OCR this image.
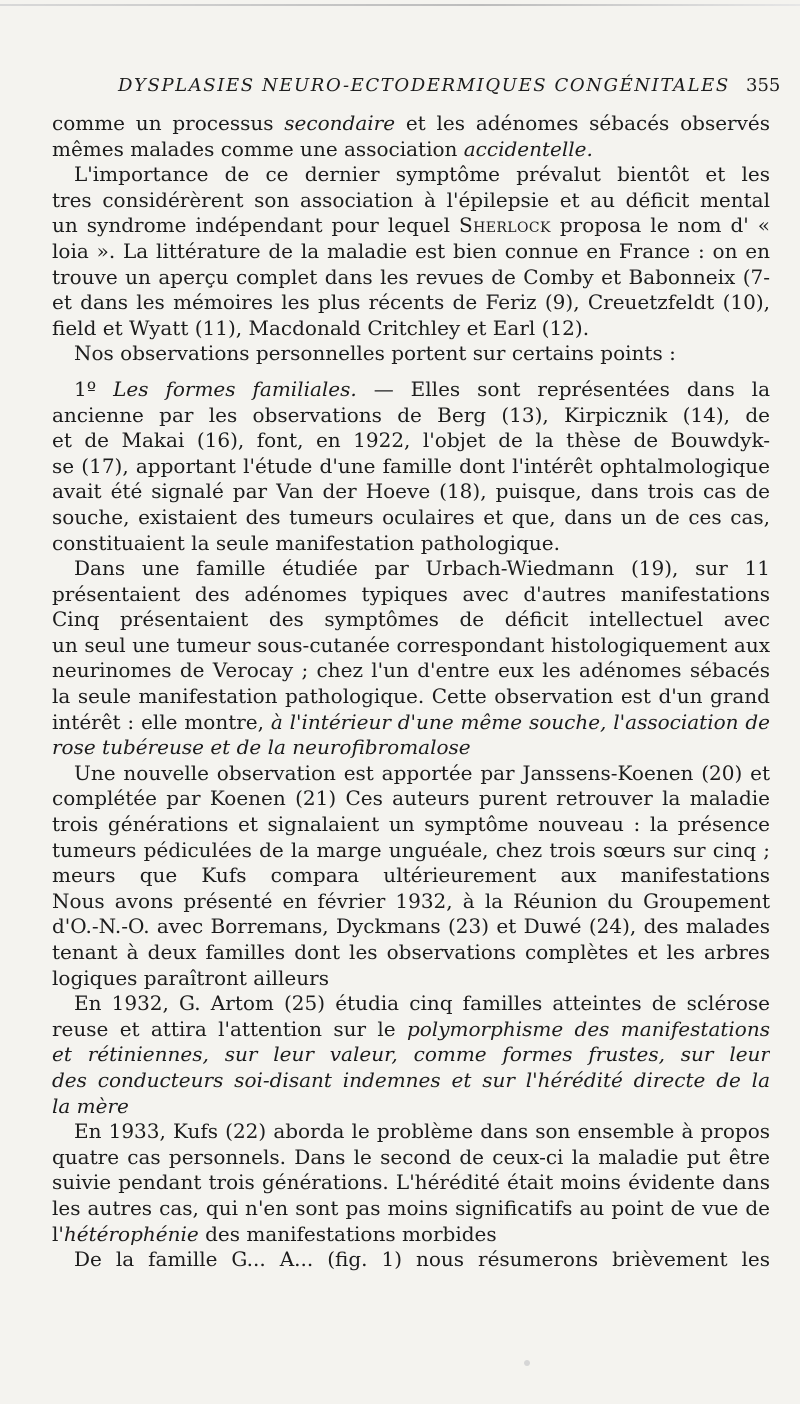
DYSPLASIES NEURO-ECTODERMIQUES CONGÉNITALES 355
comme un processus secondaire et les adénomes sébacés observés
mêmes malades comme une association accidentelle.
L'importance de ce dernier symptôme prévalut bientôt et les
tres considérèrent son association à l'épilepsie et au déficit mental
un syndrome indépendant pour lequel Sherlock proposa le nom d' «
loia ». La littérature de la maladie est bien connue en France : on en
trouve un aperçu complet dans les revues de Comby et Babonneix (7-
et dans les mémoires les plus récents de Feriz (9), Creuetzfeldt (10),
field et Wyatt (11), Macdonald Critchley et Earl (12).
Nos observations personnelles portent sur certains points :
1º Les formes familiales. — Elles sont représentées dans la
ancienne par les observations de Berg (13), Kirpicznik (14), de
et de Makai (16), font, en 1922, l'objet de la thèse de Bouwdyk-
se (17), apportant l'étude d'une famille dont l'intérêt ophtalmologique
avait été signalé par Van der Hoeve (18), puisque, dans trois cas de
souche, existaient des tumeurs oculaires et que, dans un de ces cas,
constituaient la seule manifestation pathologique.
Dans une famille étudiée par Urbach-Wiedmann (19), sur 11
présentaient des adénomes typiques avec d'autres manifestations
Cinq présentaient des symptômes de déficit intellectuel avec
un seul une tumeur sous-cutanée correspondant histologiquement aux
neurinomes de Verocay ; chez l'un d'entre eux les adénomes sébacés
la seule manifestation pathologique. Cette observation est d'un grand
intérêt : elle montre, à l'intérieur d'une même souche, l'association de
rose tubéreuse et de la neurofibromalose
Une nouvelle observation est apportée par Janssens-Koenen (20) et
complétée par Koenen (21) Ces auteurs purent retrouver la maladie
trois générations et signalaient un symptôme nouveau : la présence
tumeurs pédiculées de la marge unguéale, chez trois sœurs sur cinq ;
meurs que Kufs compara ultérieurement aux manifestations
Nous avons présenté en février 1932, à la Réunion du Groupement
d'O.-N.-O. avec Borremans, Dyckmans (23) et Duwé (24), des malades
tenant à deux familles dont les observations complètes et les arbres
logiques paraîtront ailleurs
En 1932, G. Artom (25) étudia cinq familles atteintes de sclérose
reuse et attira l'attention sur le polymorphisme des manifestations
et rétiniennes, sur leur valeur, comme formes frustes, sur leur
des conducteurs soi-disant indemnes et sur l'hérédité directe de la
la mère
En 1933, Kufs (22) aborda le problème dans son ensemble à propos
quatre cas personnels. Dans le second de ceux-ci la maladie put être
suivie pendant trois générations. L'hérédité était moins évidente dans
les autres cas, qui n'en sont pas moins significatifs au point de vue de
l'hétérophénie des manifestations morbides
De la famille G... A... (fig. 1) nous résumerons brièvement les
